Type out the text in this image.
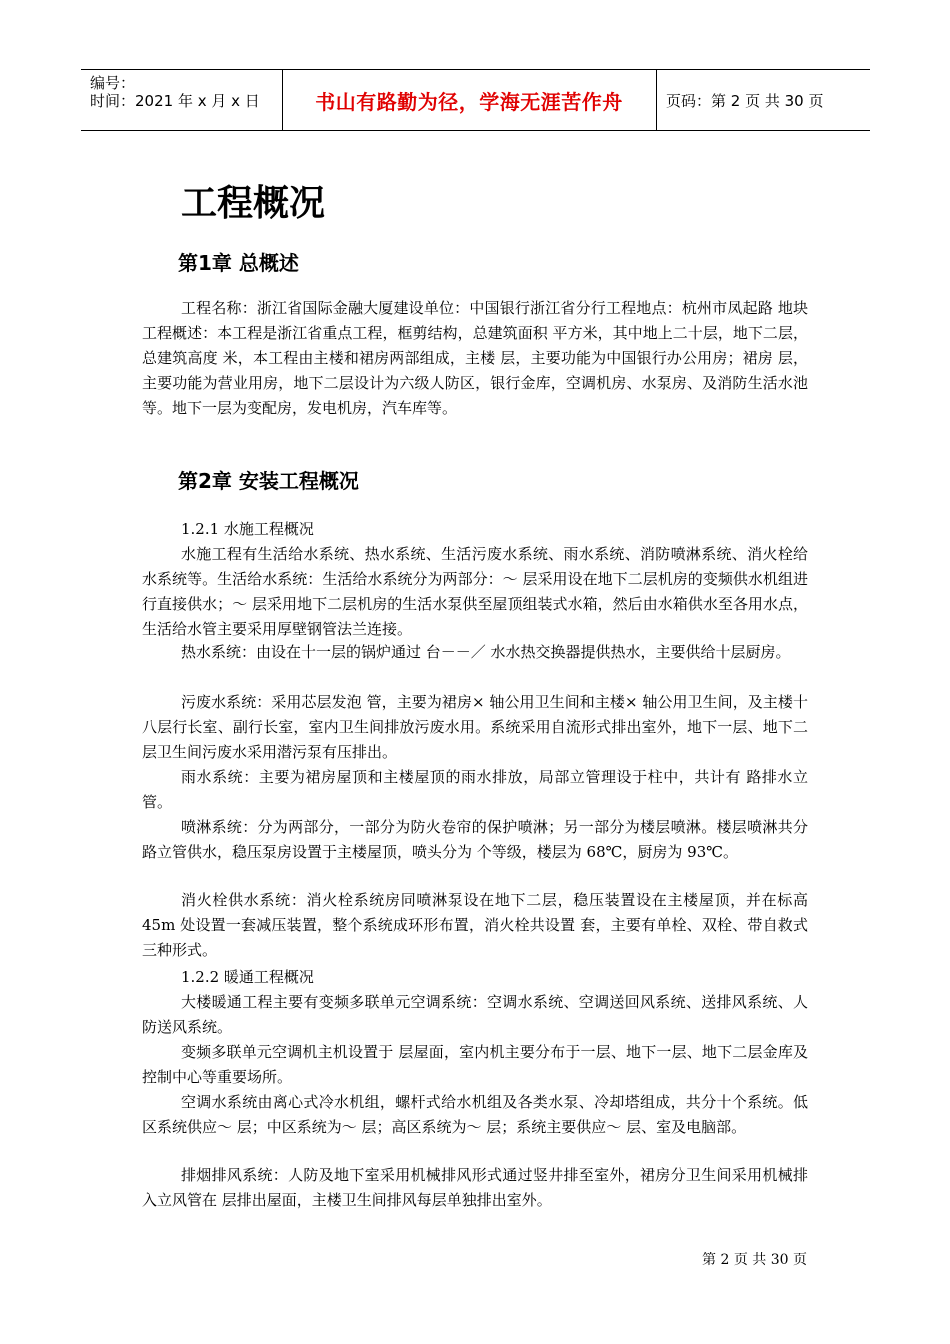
编号：
时间：2021 年 x 月 x 日	书山有路勤为径，学海无涯苦作舟	页码：第 2 页 共 30 页
工程概况
第1章 总概述

工程名称：浙江省国际金融大厦建设单位：中国银行浙江省分行工程地点：杭州市凤起路 地块工程概述：本工程是浙江省重点工程，框剪结构，总建筑面积 平方米，其中地上二十层，地下二层，总建筑高度 米，本工程由主楼和裙房两部组成，主楼 层，主要功能为中国银行办公用房；裙房 层，主要功能为营业用房，地下二层设计为六级人防区，银行金库，空调机房、水泵房、及消防生活水池等。地下一层为变配房，发电机房，汽车库等。

第2章 安装工程概况
1.2.1 水施工程概况

水施工程有生活给水系统、热水系统、生活污废水系统、雨水系统、消防喷淋系统、消火栓给水系统等。生活给水系统：生活给水系统分为两部分：～ 层采用设在地下二层机房的变频供水机组进行直接供水；～ 层采用地下二层机房的生活水泵供至屋顶组装式水箱，然后由水箱供水至各用水点，生活给水管主要采用厚壁钢管法兰连接。

热水系统：由设在十一层的锅炉通过 台－－／ 水水热交换器提供热水，主要供给十层厨房。

污废水系统：采用芯层发泡 管，主要为裙房× 轴公用卫生间和主楼× 轴公用卫生间，及主楼十八层行长室、副行长室，室内卫生间排放污废水用。系统采用自流形式排出室外，地下一层、地下二层卫生间污废水采用潜污泵有压排出。

雨水系统：主要为裙房屋顶和主楼屋顶的雨水排放，局部立管理设于柱中，共计有 路排水立管。

喷淋系统：分为两部分，一部分为防火卷帘的保护喷淋；另一部分为楼层喷淋。楼层喷淋共分 路立管供水，稳压泵房设置于主楼屋顶，喷头分为 个等级，楼层为 68℃，厨房为 93℃。

消火栓供水系统：消火栓系统房同喷淋泵设在地下二层，稳压装置设在主楼屋顶，并在标高 45m 处设置一套减压装置，整个系统成环形布置，消火栓共设置 套，主要有单栓、双栓、带自救式三种形式。

1.2.2 暖通工程概况

大楼暖通工程主要有变频多联单元空调系统：空调水系统、空调送回风系统、送排风系统、人防送风系统。

变频多联单元空调机主机设置于 层屋面，室内机主要分布于一层、地下一层、地下二层金库及 控制中心等重要场所。

空调水系统由离心式冷水机组，螺杆式给水机组及各类水泵、冷却塔组成，共分十个系统。低区系统供应～ 层；中区系统为～ 层；高区系统为～ 层；系统主要供应～ 层、室及电脑部。

排烟排风系统：人防及地下室采用机械排风形式通过竖井排至室外，裙房分卫生间采用机械排入立风管在 层排出屋面，主楼卫生间排风每层单独排出室外。

第 2 页 共 30 页
